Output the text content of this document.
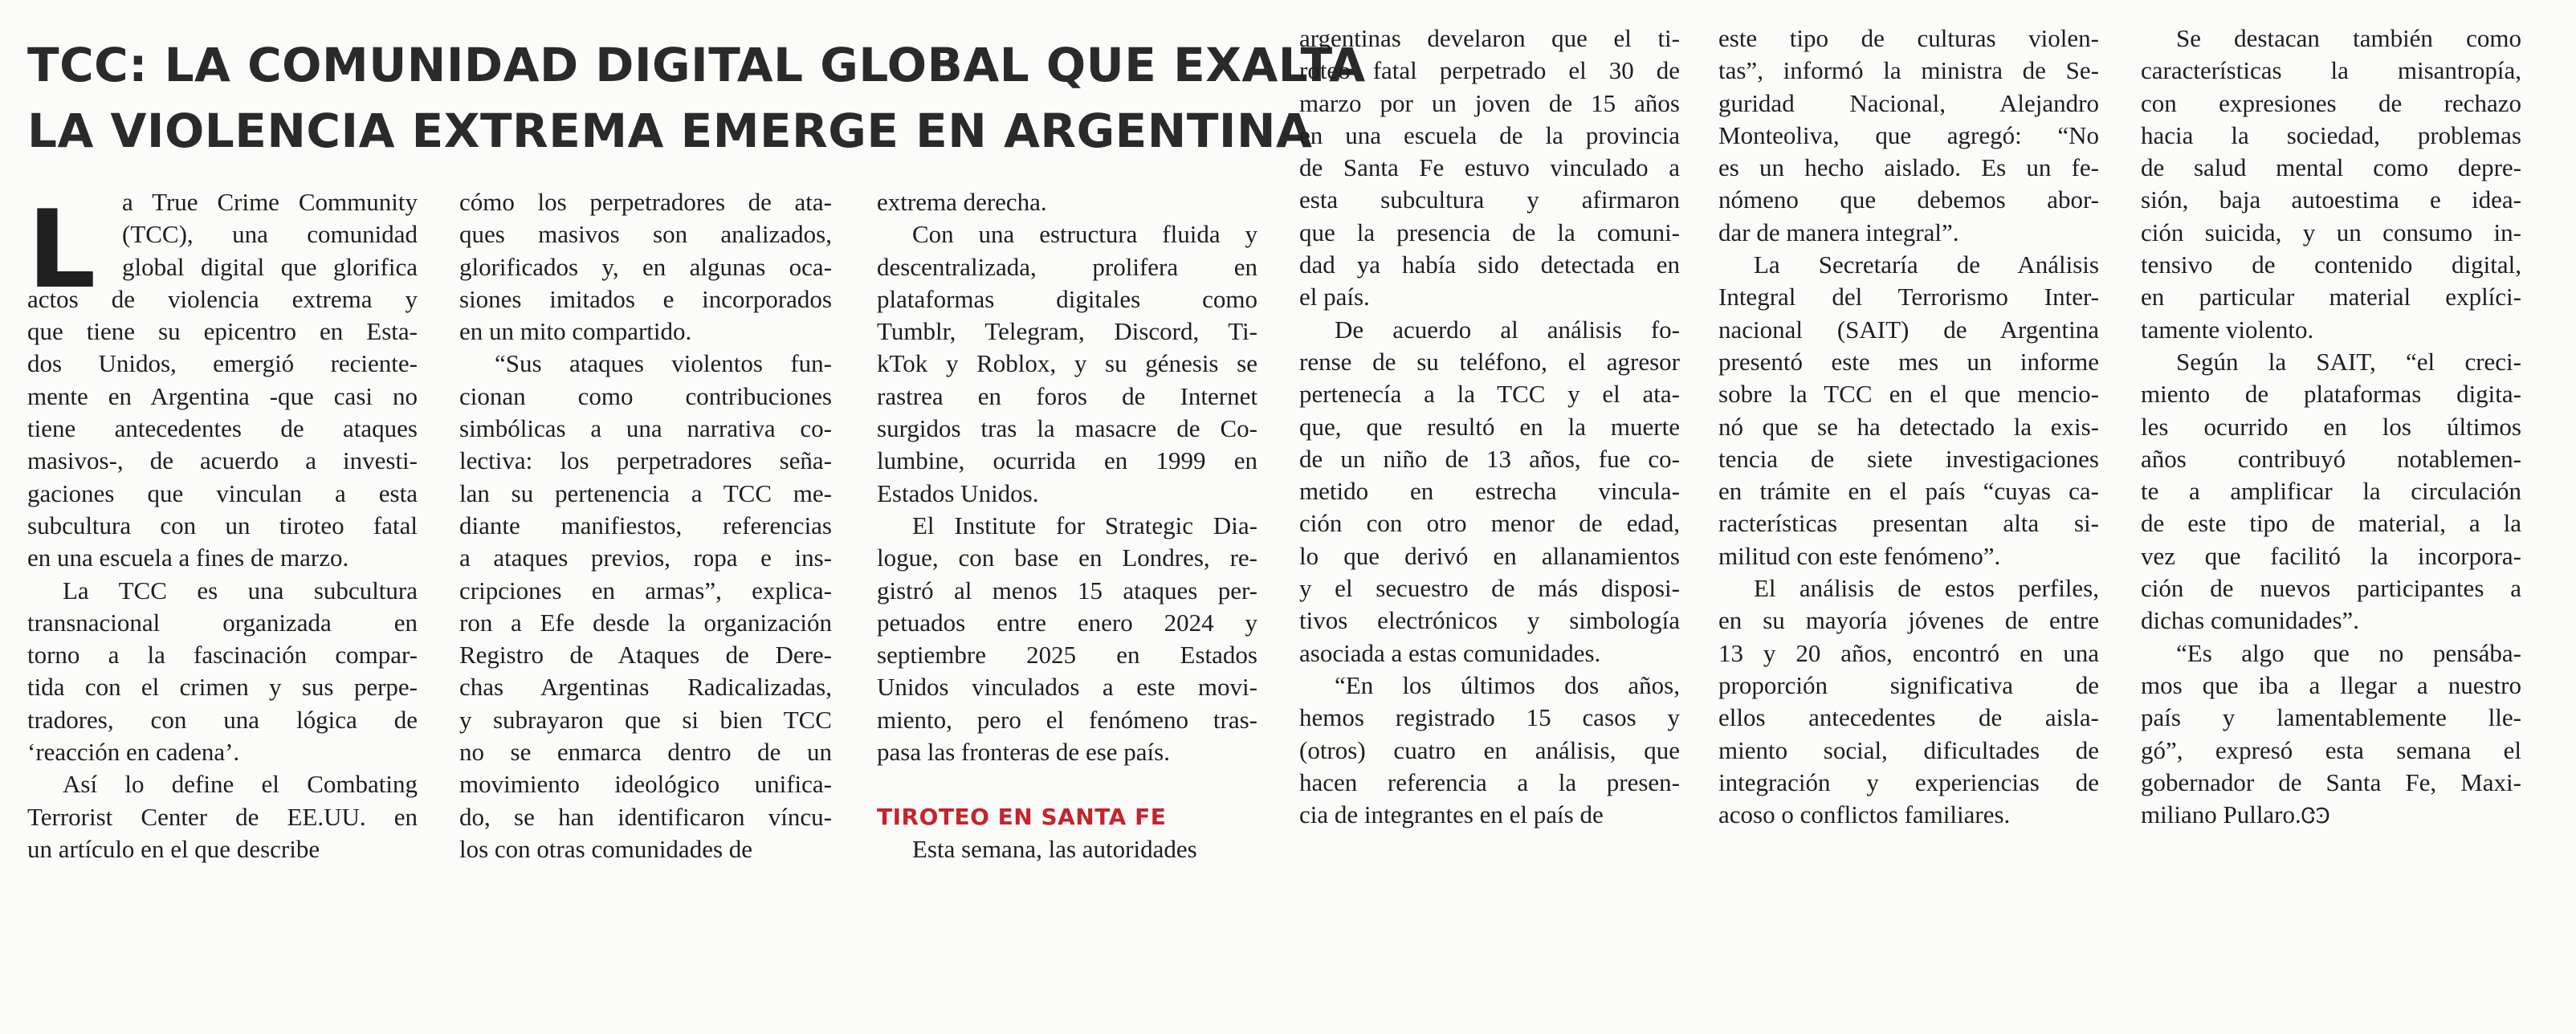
TCC: LA COMUNIDAD DIGITAL GLOBAL QUE EXALTA
LA VIOLENCIA EXTREMA EMERGE EN ARGENTINA
L a True Crime Community
(TCC), una comunidad
global digital que glorifica
actos de violencia extrema y
que tiene su epicentro en Esta-
dos Unidos, emergió reciente-
mente en Argentina -que casi no
tiene antecedentes de ataques
masivos-, de acuerdo a investi-
gaciones que vinculan a esta
subcultura con un tiroteo fatal
en una escuela a fines de marzo.
La TCC es una subcultura
transnacional organizada en
torno a la fascinación compar-
tida con el crimen y sus perpe-
tradores, con una lógica de
‘reacción en cadena’.
Así lo define el Combating
Terrorist Center de EE.UU. en
un artículo en el que describe
cómo los perpetradores de ata-
ques masivos son analizados,
glorificados y, en algunas oca-
siones imitados e incorporados
en un mito compartido.
“Sus ataques violentos fun-
cionan como contribuciones
simbólicas a una narrativa co-
lectiva: los perpetradores seña-
lan su pertenencia a TCC me-
diante manifiestos, referencias
a ataques previos, ropa e ins-
cripciones en armas”, explica-
ron a Efe desde la organización
Registro de Ataques de Dere-
chas Argentinas Radicalizadas,
y subrayaron que si bien TCC
no se enmarca dentro de un
movimiento ideológico unifica-
do, se han identificaron víncu-
los con otras comunidades de
extrema derecha.
Con una estructura fluida y
descentralizada, prolifera en
plataformas digitales como
Tumblr, Telegram, Discord, Ti-
kTok y Roblox, y su génesis se
rastrea en foros de Internet
surgidos tras la masacre de Co-
lumbine, ocurrida en 1999 en
Estados Unidos.
El Institute for Strategic Dia-
logue, con base en Londres, re-
gistró al menos 15 ataques per-
petuados entre enero 2024 y
septiembre 2025 en Estados
Unidos vinculados a este movi-
miento, pero el fenómeno tras-
pasa las fronteras de ese país.
TIROTEO EN SANTA FE
Esta semana, las autoridades
argentinas develaron que el ti-
roteo fatal perpetrado el 30 de
marzo por un joven de 15 años
en una escuela de la provincia
de Santa Fe estuvo vinculado a
esta subcultura y afirmaron
que la presencia de la comuni-
dad ya había sido detectada en
el país.
De acuerdo al análisis fo-
rense de su teléfono, el agresor
pertenecía a la TCC y el ata-
que, que resultó en la muerte
de un niño de 13 años, fue co-
metido en estrecha vincula-
ción con otro menor de edad,
lo que derivó en allanamientos
y el secuestro de más disposi-
tivos electrónicos y simbología
asociada a estas comunidades.
“En los últimos dos años,
hemos registrado 15 casos y
(otros) cuatro en análisis, que
hacen referencia a la presen-
cia de integrantes en el país de
este tipo de culturas violen-
tas”, informó la ministra de Se-
guridad Nacional, Alejandro
Monteoliva, que agregó: “No
es un hecho aislado. Es un fe-
nómeno que debemos abor-
dar de manera integral”.
La Secretaría de Análisis
Integral del Terrorismo Inter-
nacional (SAIT) de Argentina
presentó este mes un informe
sobre la TCC en el que mencio-
nó que se ha detectado la exis-
tencia de siete investigaciones
en trámite en el país “cuyas ca-
racterísticas presentan alta si-
militud con este fenómeno”.
El análisis de estos perfiles,
en su mayoría jóvenes de entre
13 y 20 años, encontró en una
proporción significativa de
ellos antecedentes de aisla-
miento social, dificultades de
integración y experiencias de
acoso o conflictos familiares.
Se destacan también como
características la misantropía,
con expresiones de rechazo
hacia la sociedad, problemas
de salud mental como depre-
sión, baja autoestima e idea-
ción suicida, y un consumo in-
tensivo de contenido digital,
en particular material explíci-
tamente violento.
Según la SAIT, “el creci-
miento de plataformas digita-
les ocurrido en los últimos
años contribuyó notablemen-
te a amplificar la circulación
de este tipo de material, a la
vez que facilitó la incorpora-
ción de nuevos participantes a
dichas comunidades”.
“Es algo que no pensába-
mos que iba a llegar a nuestro
país y lamentablemente lle-
gó”, expresó esta semana el
gobernador de Santa Fe, Maxi-
miliano Pullaro.ᏣϿ
